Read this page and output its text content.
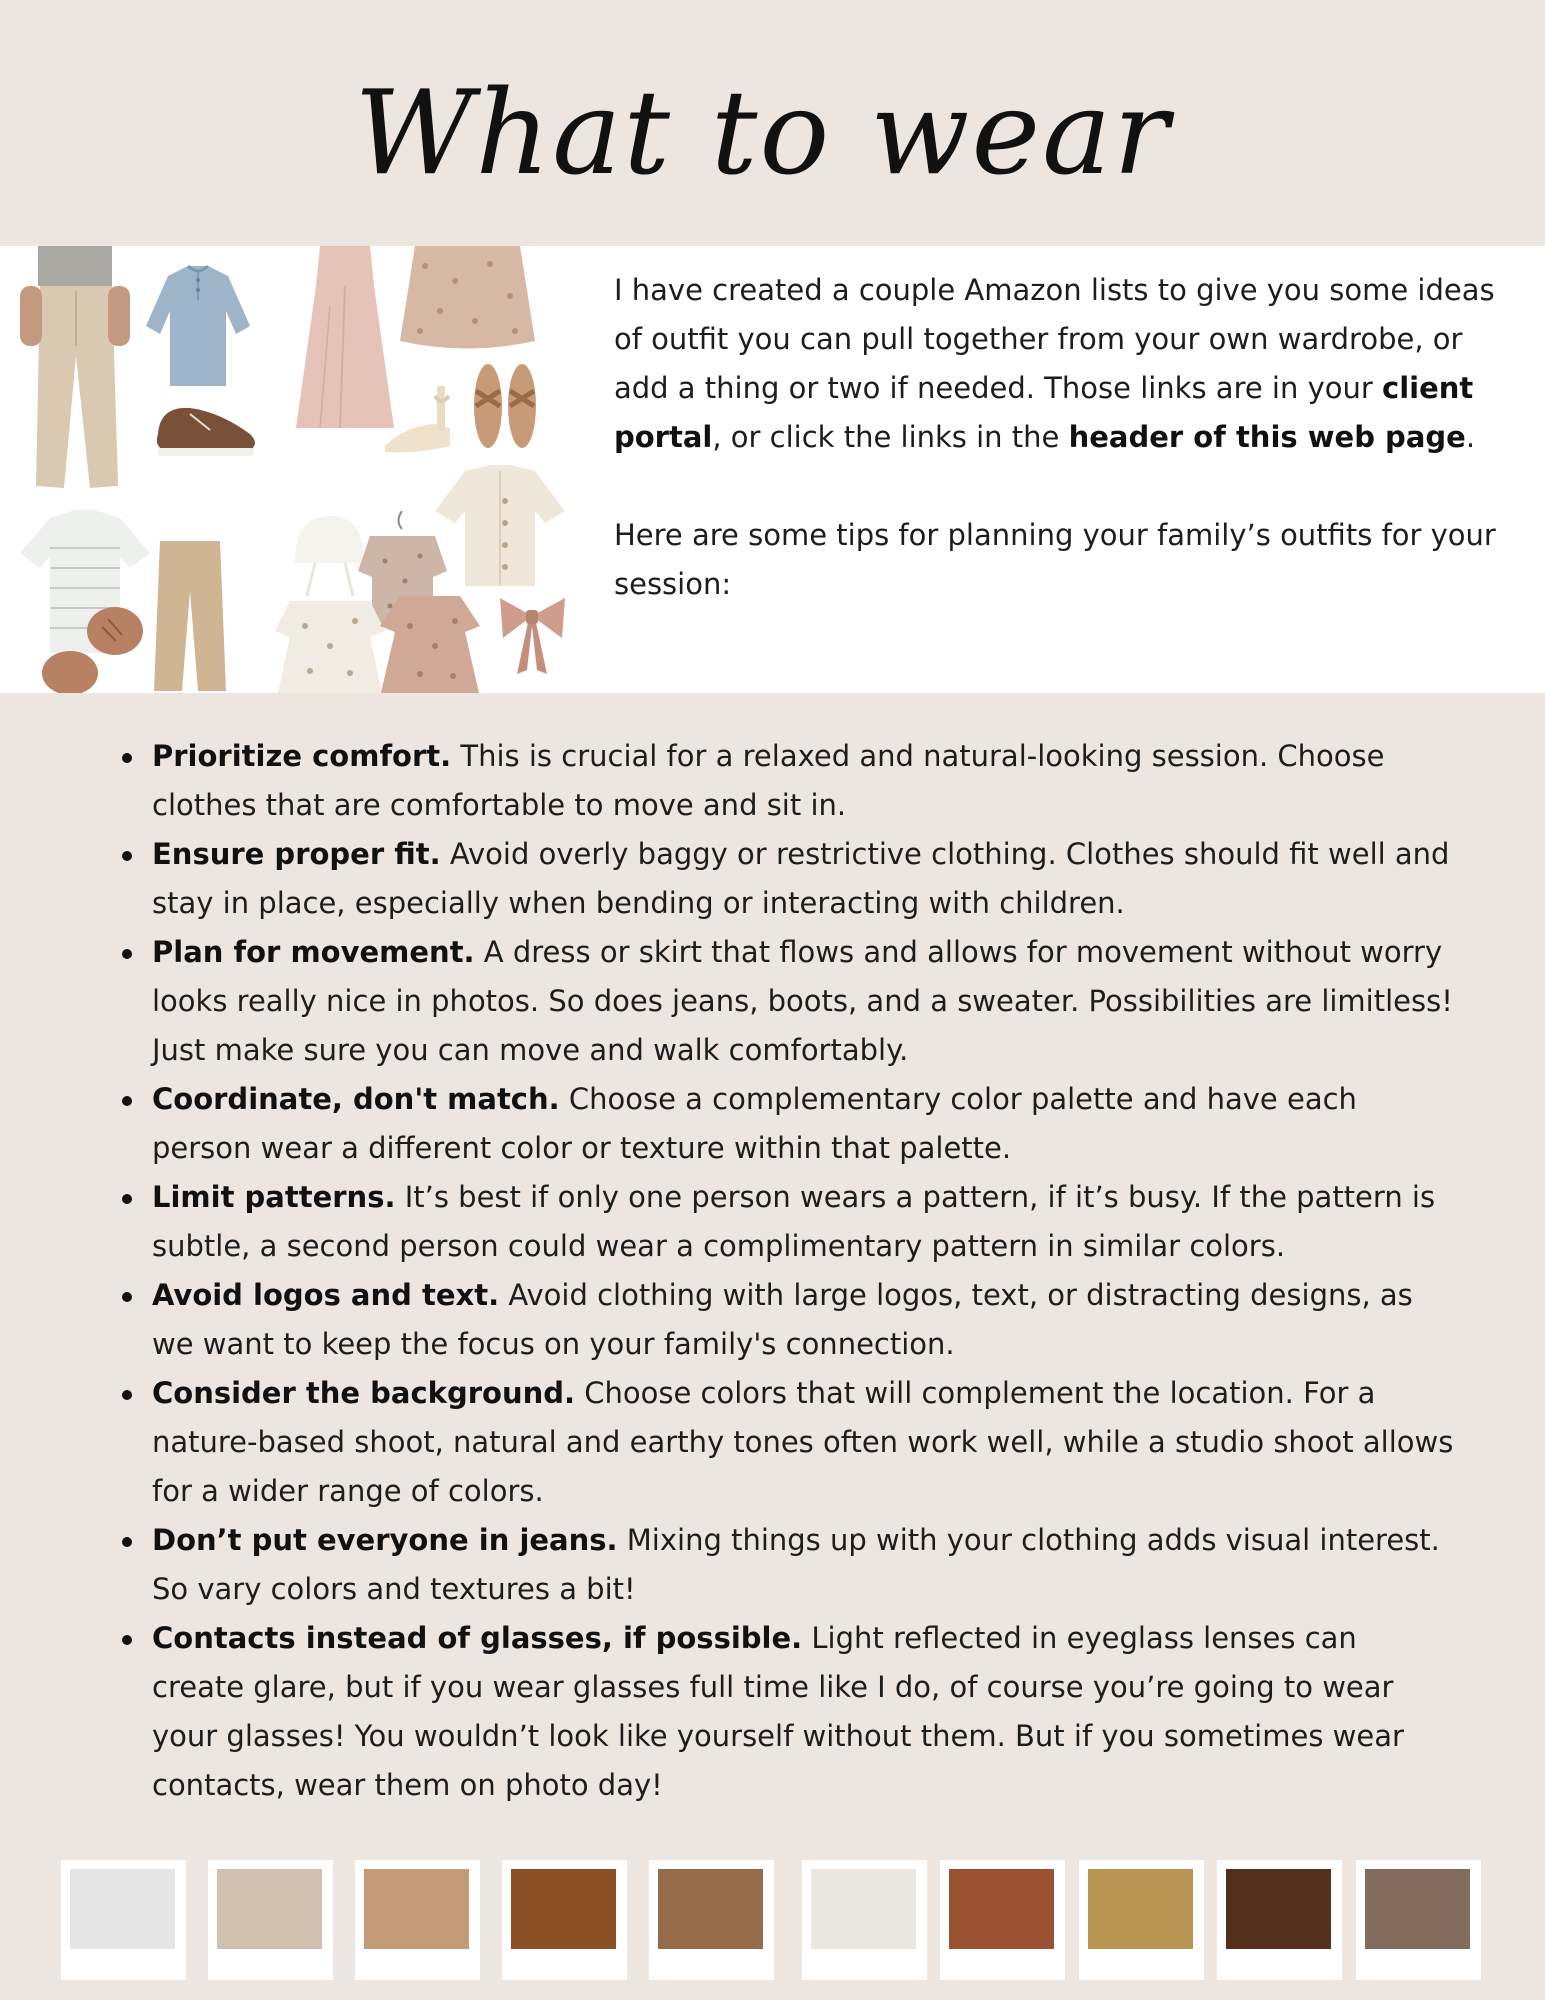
What to wear

I have created a couple Amazon lists to give you some ideas of outfit you can pull together from your own wardrobe, or add a thing or two if needed. Those links are in your client portal, or click the links in the header of this web page.

Here are some tips for planning your family’s outfits for your session:

Prioritize comfort. This is crucial for a relaxed and natural-looking session. Choose clothes that are comfortable to move and sit in.
Ensure proper fit. Avoid overly baggy or restrictive clothing. Clothes should fit well and stay in place, especially when bending or interacting with children.
Plan for movement. A dress or skirt that flows and allows for movement without worry looks really nice in photos. So does jeans, boots, and a sweater. Possibilities are limitless! Just make sure you can move and walk comfortably.
Coordinate, don't match. Choose a complementary color palette and have each person wear a different color or texture within that palette.
Limit patterns. It’s best if only one person wears a pattern, if it’s busy. If the pattern is subtle, a second person could wear a complimentary pattern in similar colors.
Avoid logos and text. Avoid clothing with large logos, text, or distracting designs, as we want to keep the focus on your family's connection.
Consider the background. Choose colors that will complement the location. For a nature-based shoot, natural and earthy tones often work well, while a studio shoot allows for a wider range of colors.
Don’t put everyone in jeans. Mixing things up with your clothing adds visual interest. So vary colors and textures a bit!
Contacts instead of glasses, if possible. Light reflected in eyeglass lenses can create glare, but if you wear glasses full time like I do, of course you’re going to wear your glasses! You wouldn’t look like yourself without them. But if you sometimes wear contacts, wear them on photo day!
